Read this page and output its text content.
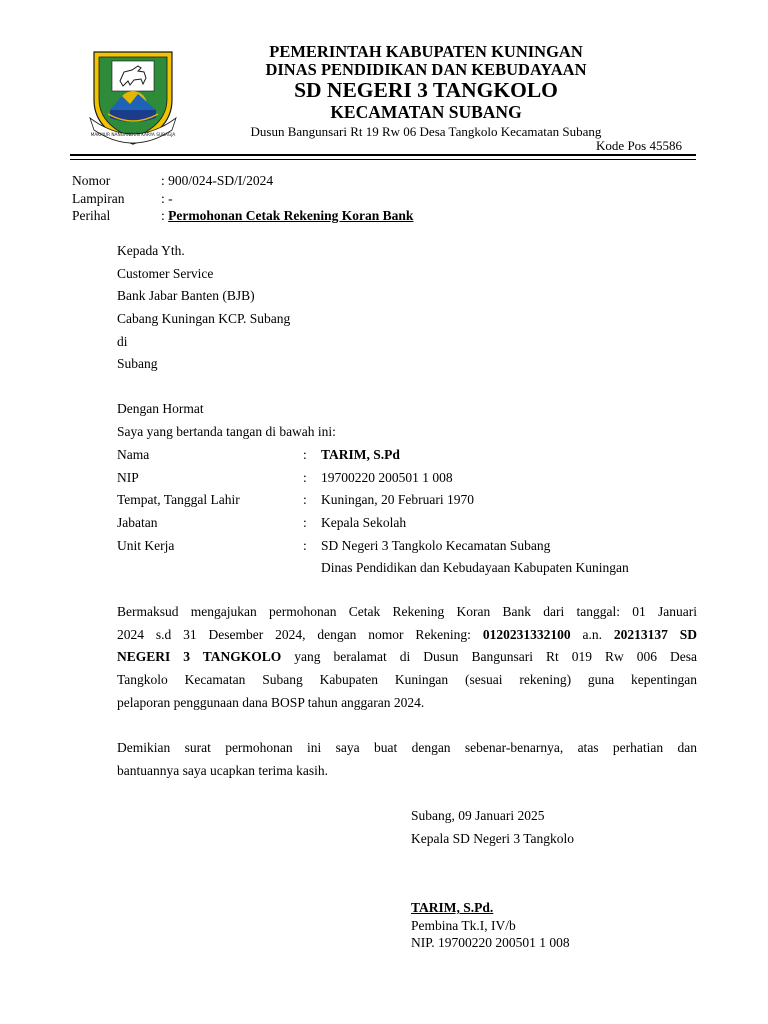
MAKMUR NANGANDUN KARYA SUBAGJA
PEMERINTAH KABUPATEN KUNINGAN
DINAS PENDIDIKAN DAN KEBUDAYAAN
SD NEGERI 3 TANGKOLO
KECAMATAN SUBANG
Dusun Bangunsari Rt 19 Rw 06 Desa Tangkolo Kecamatan Subang
Kode Pos 45586
Nomor	: 900/024-SD/I/2024
Lampiran	: -
Perihal	: Permohonan Cetak Rekening Koran Bank
Kepada Yth.
Customer Service
Bank Jabar Banten (BJB)
Cabang Kuningan KCP. Subang
di
Subang
Dengan Hormat
Saya yang bertanda tangan di bawah ini:
Nama	: TARIM, S.Pd
NIP	: 19700220 200501 1 008
Tempat, Tanggal Lahir	: Kuningan, 20 Februari 1970
Jabatan	: Kepala Sekolah
Unit Kerja	: SD Negeri 3 Tangkolo Kecamatan Subang
Dinas Pendidikan dan Kebudayaan Kabupaten Kuningan
Bermaksud mengajukan permohonan Cetak Rekening Koran Bank dari tanggal: 01 Januari
2024 s.d 31 Desember 2024, dengan nomor Rekening: 0120231332100 a.n. 20213137 SD
NEGERI 3 TANGKOLO yang beralamat di Dusun Bangunsari Rt 019 Rw 006 Desa
Tangkolo Kecamatan Subang Kabupaten Kuningan (sesuai rekening) guna kepentingan
pelaporan penggunaan dana BOSP tahun anggaran 2024.
Demikian surat permohonan ini saya buat dengan sebenar-benarnya, atas perhatian dan
bantuannya saya ucapkan terima kasih.
Subang, 09 Januari 2025
Kepala SD Negeri 3 Tangkolo
TARIM, S.Pd.
Pembina Tk.I, IV/b
NIP. 19700220 200501 1 008
